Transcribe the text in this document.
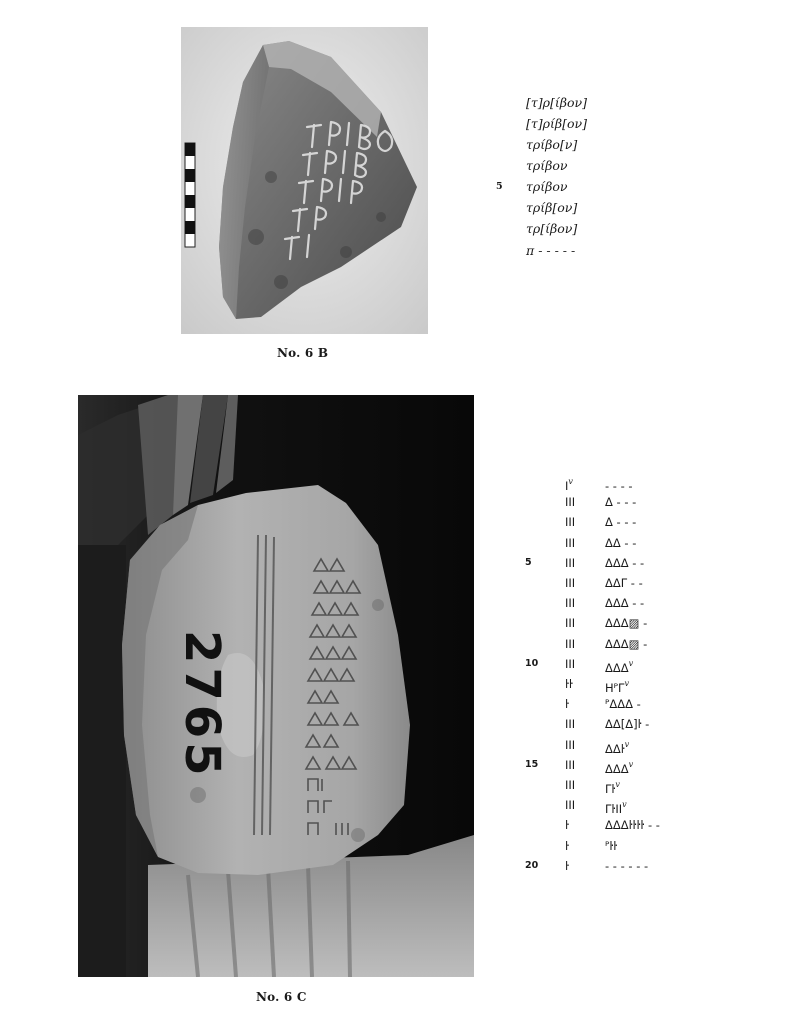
No. 6 B
[τ]ρ[ίβον]
[τ]ρίβ[ον]
τρίβο[ν]
τρίβον
5 τρίβον
τρίβ[ον]
τρ[ίβον]
π - - - - -
2765
No. 6 C
$I^v$	- - - -
III	Δ - - -
III	Δ - - -
III	ΔΔ - -
5	III	ΔΔΔ - -
III	ΔΔΓ - -
III	ΔΔΔ - -
III	ΔΔΔ▨ -
III	ΔΔΔ▨ -
10 III	ΔΔΔ$^v$
ŀŀ	HᴾΓ$^v$
ŀ	ᴾΔΔΔ -
III	ΔΔ[Δ]ŀ -
III	ΔΔŀ$^v$
15 III	ΔΔΔ$^v$
III	$\Gamma ŀ^v$
III	ΓŀII$^v$
ŀ	ΔΔΔŀŀŀŀ - -
ŀ	ᴾŀŀ
20 ŀ	- - - - - -
